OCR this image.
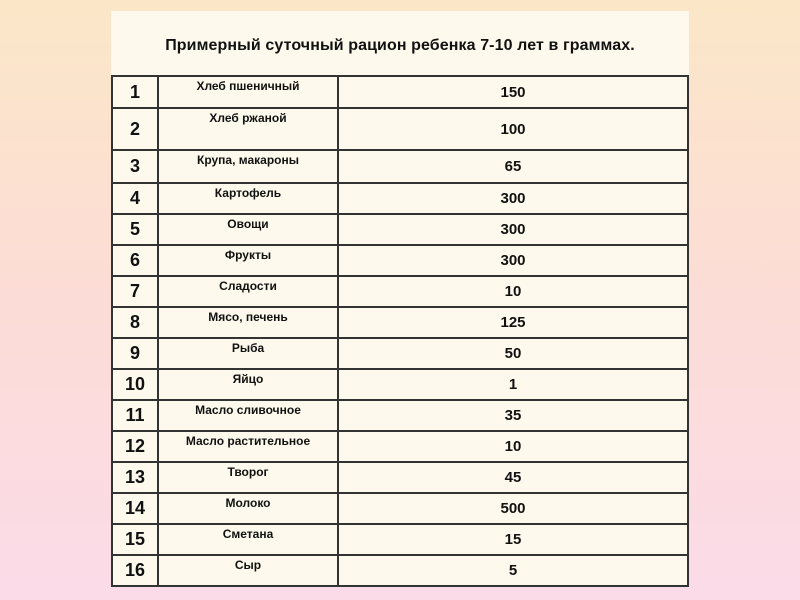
Примерный суточный рацион ребенка 7-10 лет в граммах.
1	Хлеб пшеничный	150
2	Хлеб ржаной	100
3	Крупа, макароны	65
4	Картофель	300
5	Овощи	300
6	Фрукты	300
7	Сладости	10
8	Мясо, печень	125
9	Рыба	50
10	Яйцо	1
11	Масло сливочное	35
12	Масло растительное	10
13	Творог	45
14	Молоко	500
15	Сметана	15
16	Сыр	5
